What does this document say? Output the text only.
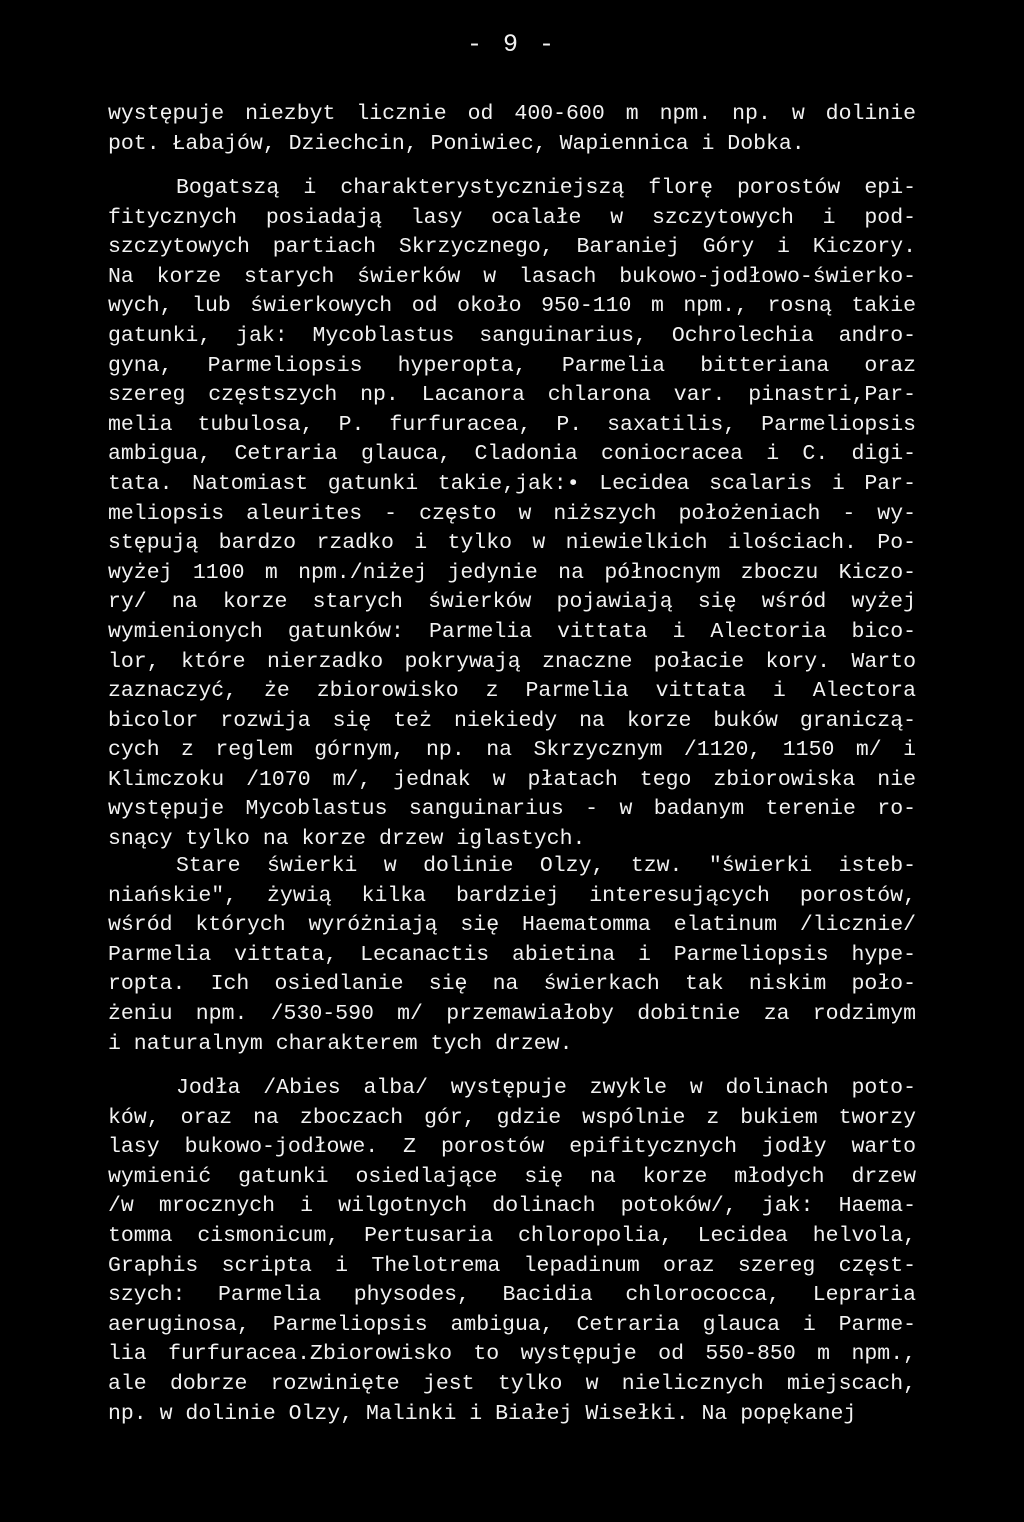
- 9 -
występuje niezbyt licznie od 400-600 m npm. np. w dolinie
pot. Łabajów, Dziechcin, Poniwiec, Wapiennica i Dobka.
Bogatszą i charakterystyczniejszą florę porostów epi-
fitycznych posiadają lasy ocalałe w szczytowych i pod-
szczytowych partiach Skrzycznego, Baraniej Góry i Kiczory.
Na korze starych świerków w lasach bukowo-jodłowo-świerko-
wych, lub świerkowych od około 950-110 m npm., rosną takie
gatunki, jak: Mycoblastus sanguinarius, Ochrolechia andro-
gyna, Parmeliopsis hyperopta, Parmelia bitteriana oraz
szereg częstszych np. Lacanora chlarona var. pinastri,Par-
melia tubulosa, P. furfuracea, P. saxatilis, Parmeliopsis
ambigua, Cetraria glauca, Cladonia coniocracea i C. digi-
tata. Natomiast gatunki takie,jak:• Lecidea scalaris i Par-
meliopsis aleurites - często w niższych położeniach - wy-
stępują bardzo rzadko i tylko w niewielkich ilościach. Po-
wyżej 1100 m npm./niżej jedynie na północnym zboczu Kiczo-
ry/ na korze starych świerków pojawiają się wśród wyżej
wymienionych gatunków: Parmelia vittata i Alectoria bico-
lor, które nierzadko pokrywają znaczne połacie kory. Warto
zaznaczyć, że zbiorowisko z Parmelia vittata i Alectora
bicolor rozwija się też niekiedy na korze buków graniczą-
cych z reglem górnym, np. na Skrzycznym /1120, 1150 m/ i
Klimczoku /1070 m/, jednak w płatach tego zbiorowiska nie
występuje Mycoblastus sanguinarius - w badanym terenie ro-
snący tylko na korze drzew iglastych.
Stare świerki w dolinie Olzy, tzw. "świerki isteb-
niańskie", żywią kilka bardziej interesujących porostów,
wśród których wyróżniają się Haematomma elatinum /licznie/
Parmelia vittata, Lecanactis abietina i Parmeliopsis hype-
ropta. Ich osiedlanie się na świerkach tak niskim poło-
żeniu npm. /530-590 m/ przemawiałoby dobitnie za rodzimym
i naturalnym charakterem tych drzew.
Jodła /Abies alba/ występuje zwykle w dolinach poto-
ków, oraz na zboczach gór, gdzie wspólnie z bukiem tworzy
lasy bukowo-jodłowe. Z porostów epifitycznych jodły warto
wymienić gatunki osiedlające się na korze młodych drzew
/w mrocznych i wilgotnych dolinach potoków/, jak: Haema-
tomma cismonicum, Pertusaria chloropolia, Lecidea helvola,
Graphis scripta i Thelotrema lepadinum oraz szereg częst-
szych: Parmelia physodes, Bacidia chlorococca, Lepraria
aeruginosa, Parmeliopsis ambigua, Cetraria glauca i Parme-
lia furfuracea.Zbiorowisko to występuje od 550-850 m npm.,
ale dobrze rozwinięte jest tylko w nielicznych miejscach,
np. w dolinie Olzy, Malinki i Białej Wisełki. Na popękanej
